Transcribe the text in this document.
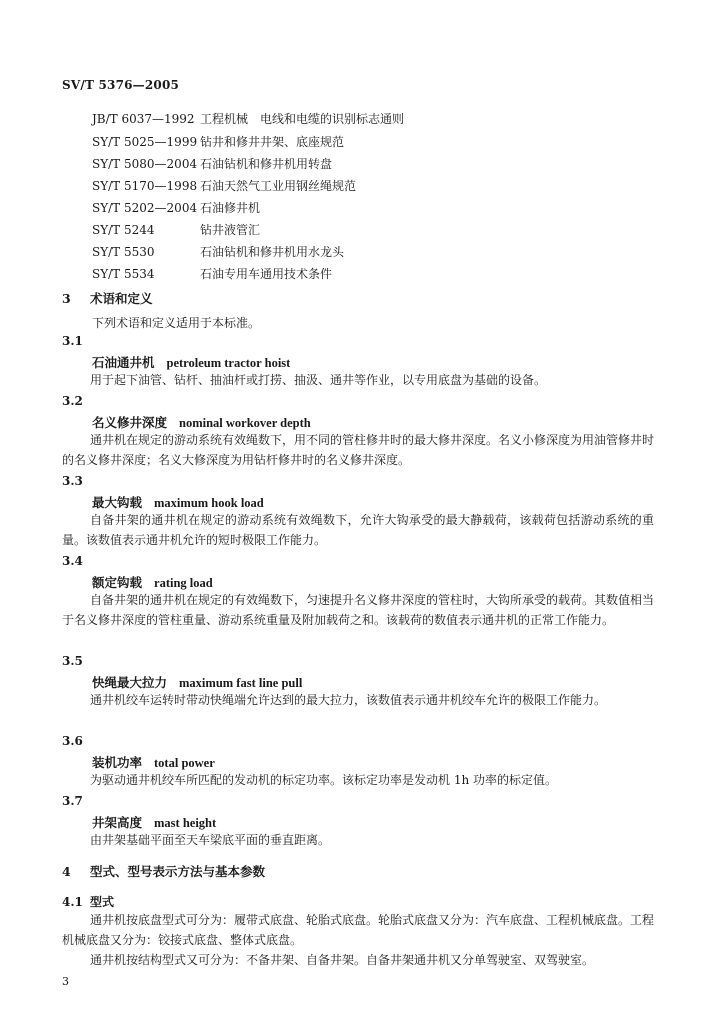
SV/T 5376—2005
JB/T 6037—1992 工程机械　电线和电缆的识别标志通则
SY/T 5025—1999 钻井和修井井架、底座规范
SY/T 5080—2004 石油钻机和修井机用转盘
SY/T 5170—1998 石油天然气工业用钢丝绳规范
SY/T 5202—2004 石油修井机
SY/T 5244	钻井液管汇
SY/T 5530	石油钻机和修井机用水龙头
SY/T 5534	石油专用车通用技术条件
3 术语和定义
下列术语和定义适用于本标准。
3.1
石油通井机 petroleum tractor hoist
用于起下油管、钻杆、抽油杆或打捞、抽汲、通井等作业，以专用底盘为基础的设备。
3.2
名义修井深度 nominal workover depth
通井机在规定的游动系统有效绳数下，用不同的管柱修井时的最大修井深度。名义小修深度为用油管修井时的名义修井深度；名义大修深度为用钻杆修井时的名义修井深度。
3.3
最大钩载 maximum hook load
自备井架的通井机在规定的游动系统有效绳数下，允许大钩承受的最大静载荷，该载荷包括游动系统的重量。该数值表示通井机允许的短时极限工作能力。
3.4
额定钩载 rating load
自备井架的通井机在规定的有效绳数下，匀速提升名义修井深度的管柱时，大钩所承受的载荷。其数值相当于名义修井深度的管柱重量、游动系统重量及附加载荷之和。该载荷的数值表示通井机的正常工作能力。
3.5
快绳最大拉力 maximum fast line pull
通井机绞车运转时带动快绳端允许达到的最大拉力，该数值表示通井机绞车允许的极限工作能力。
3.6
装机功率 total power
为驱动通井机绞车所匹配的发动机的标定功率。该标定功率是发动机 1h 功率的标定值。
3.7
井架高度 mast height
由井架基础平面至天车梁底平面的垂直距离。
4 型式、型号表示方法与基本参数
4.1 型式
通井机按底盘型式可分为：履带式底盘、轮胎式底盘。轮胎式底盘又分为：汽车底盘、工程机械底盘。工程机械底盘又分为：铰接式底盘、整体式底盘。
通井机按结构型式又可分为：不备井架、自备井架。自备井架通井机又分单驾驶室、双驾驶室。
3
